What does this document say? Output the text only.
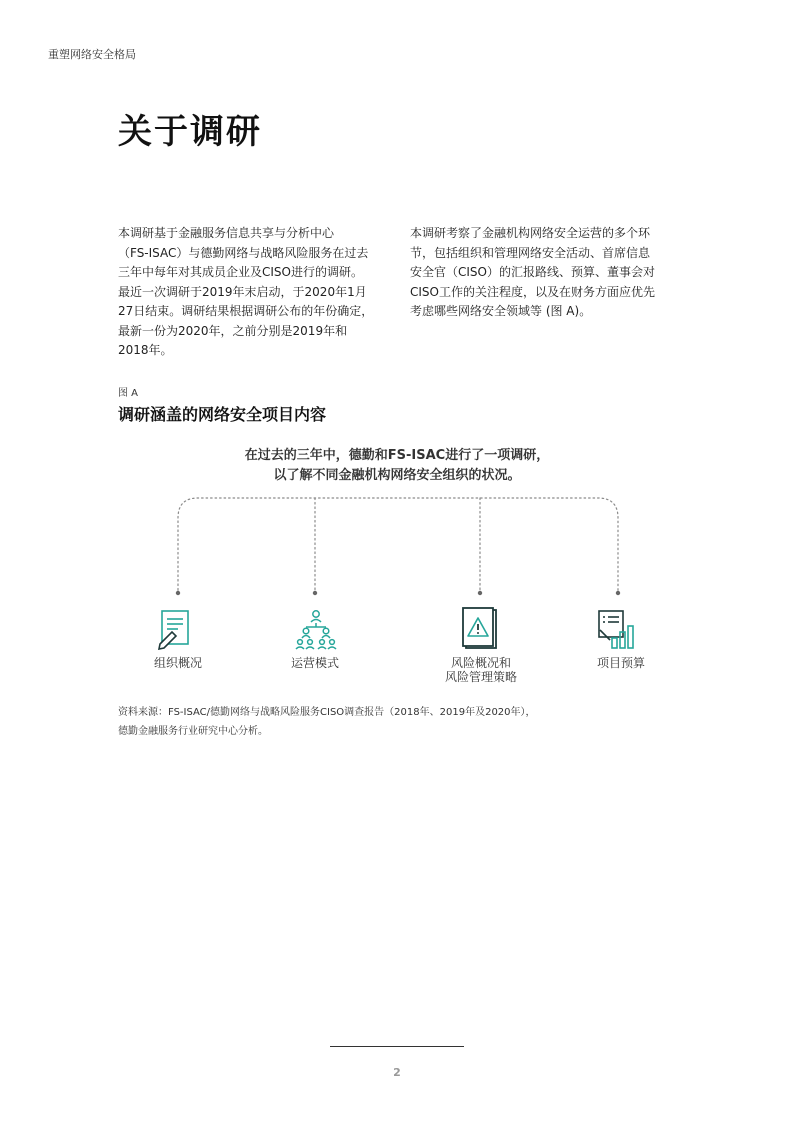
重塑网络安全格局
关于调研
本调研基于金融服务信息共享与分析中心
（FS-ISAC）与德勤网络与战略风险服务在过去
三年中每年对其成员企业及CISO进行的调研。
最近一次调研于2019年末启动，于2020年1月
27日结束。调研结果根据调研公布的年份确定，
最新一份为2020年，之前分别是2019年和
2018年。
本调研考察了金融机构网络安全运营的多个环
节，包括组织和管理网络安全活动、首席信息
安全官（CISO）的汇报路线、预算、董事会对
CISO工作的关注程度，以及在财务方面应优先
考虑哪些网络安全领域等 (图 A)。
图 A
调研涵盖的网络安全项目内容
在过去的三年中，德勤和FS-ISAC进行了一项调研，
以了解不同金融机构网络安全组织的状况。
组织概况	运营模式	风险概况和
风险管理策略
项目预算
资料来源：FS-ISAC/德勤网络与战略风险服务CISO调查报告（2018年、2019年及2020年），
德勤金融服务行业研究中心分析。
2
